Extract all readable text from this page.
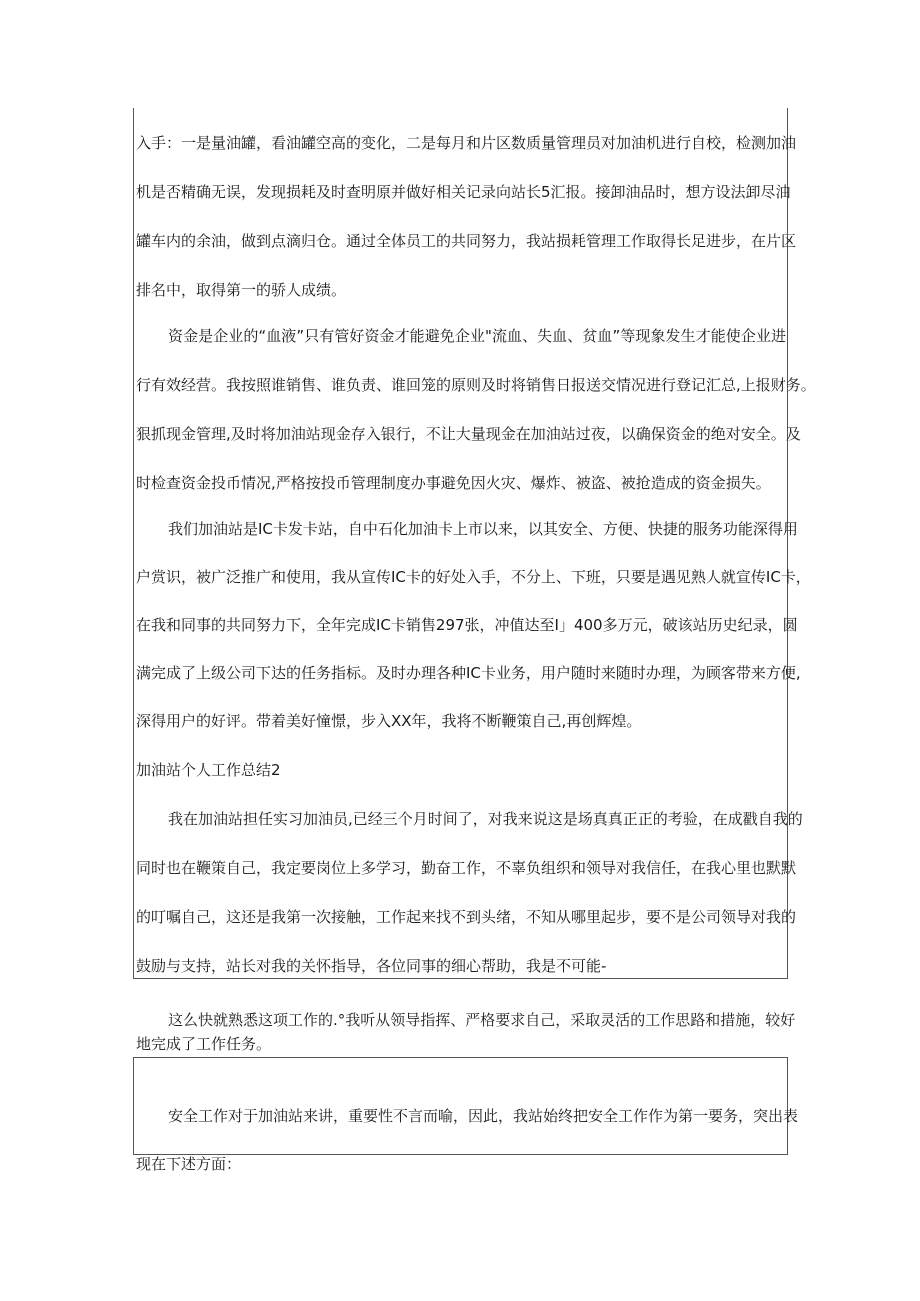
入手：一是量油罐，看油罐空高的变化，二是每月和片区数质量管理员对加油机进行自校，检测加油
机是否精确无误，发现损耗及时查明原并做好相关记录向站长5汇报。接卸油品时，想方设法卸尽油
罐车内的余油，做到点滴归仓。通过全体员工的共同努力，我站损耗管理工作取得长足进步，在片区
排名中，取得第一的骄人成绩。
资金是企业的“血液”只有管好资金才能避免企业"流血、失血、贫血”等现象发生才能使企业进
行有效经营。我按照谁销售、谁负责、谁回笼的原则及时将销售日报送交情况进行登记汇总,上报财务。
狠抓现金管理,及时将加油站现金存入银行，不让大量现金在加油站过夜，以确保资金的绝对安全。及
时检查资金投币情况,严格按投币管理制度办事避免因火灾、爆炸、被盗、被抢造成的资金损失。
我们加油站是IC卡发卡站，自中石化加油卡上市以来，以其安全、方便、快捷的服务功能深得用
户赏识，被广泛推广和使用，我从宣传IC卡的好处入手，不分上、下班，只要是遇见熟人就宣传IC卡，
在我和同事的共同努力下，全年完成IC卡销售297张，冲值达至I」400多万元，破该站历史纪录，圆
满完成了上级公司下达的任务指标。及时办理各种IC卡业务，用户随时来随时办理，为顾客带来方便,
深得用户的好评。带着美好憧憬，步入XX年，我将不断鞭策自己,再创辉煌。
加油站个人工作总结2
我在加油站担任实习加油员,已经三个月时间了，对我来说这是场真真正正的考验，在成戳自我的
同时也在鞭策自己，我定要岗位上多学习，勤奋工作，不辜负组织和领导对我信任，在我心里也默默
的叮嘱自己，这还是我第一次接触，工作起来找不到头绪，不知从哪里起步，要不是公司领导对我的
鼓励与支持，站长对我的关怀指导，各位同事的细心帮助，我是不可能-
这么快就熟悉这项工作的.°我听从领导指挥、严格要求自己，采取灵活的工作思路和措施，较好
地完成了工作任务。
安全工作对于加油站来讲，重要性不言而喻，因此，我站始终把安全工作作为第一要务，突出表
现在下述方面：
